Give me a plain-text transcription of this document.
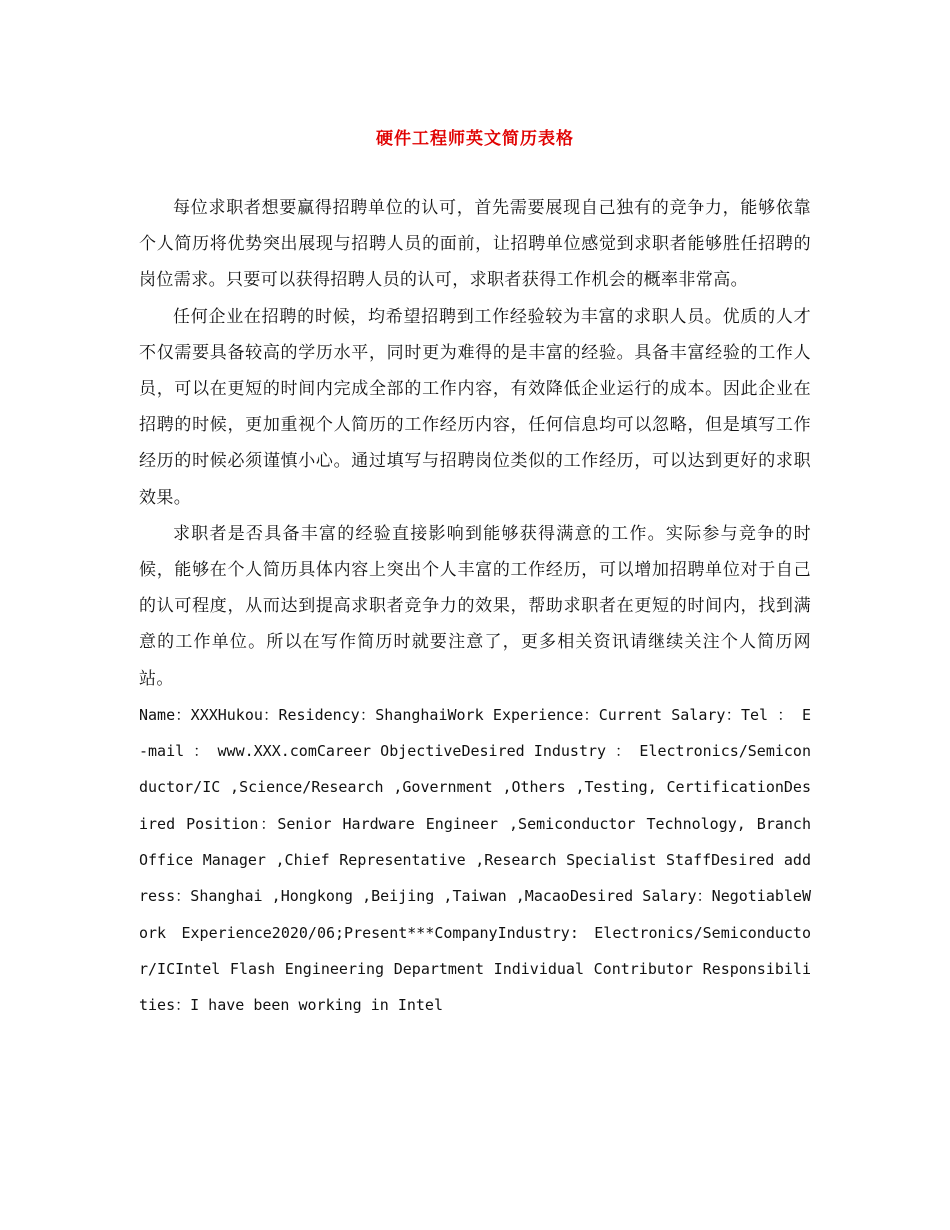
硬件工程师英文简历表格

每位求职者想要赢得招聘单位的认可，首先需要展现自己独有的竞争力，能够依靠个人简历将优势突出展现与招聘人员的面前，让招聘单位感觉到求职者能够胜任招聘的岗位需求。只要可以获得招聘人员的认可，求职者获得工作机会的概率非常高。

任何企业在招聘的时候，均希望招聘到工作经验较为丰富的求职人员。优质的人才不仅需要具备较高的学历水平，同时更为难得的是丰富的经验。具备丰富经验的工作人员，可以在更短的时间内完成全部的工作内容，有效降低企业运行的成本。因此企业在招聘的时候，更加重视个人简历的工作经历内容，任何信息均可以忽略，但是填写工作经历的时候必须谨慎小心。通过填写与招聘岗位类似的工作经历，可以达到更好的求职效果。

求职者是否具备丰富的经验直接影响到能够获得满意的工作。实际参与竞争的时候，能够在个人简历具体内容上突出个人丰富的工作经历，可以增加招聘单位对于自己的认可程度，从而达到提高求职者竞争力的效果，帮助求职者在更短的时间内，找到满意的工作单位。所以在写作简历时就要注意了，更多相关资讯请继续关注个人简历网站。

Name：XXXHukou：Residency：ShanghaiWork Experience：Current Salary：Tel ： E-mail ： www.XXX.comCareer ObjectiveDesired Industry ： Electronics/Semiconductor/IC ,Science/Research ,Government ,Others ,Testing, CertificationDesired Position：Senior Hardware Engineer ,Semiconductor Technology, Branch Office Manager ,Chief Representative ,Research Specialist StaffDesired address：Shanghai ,Hongkong ,Beijing ,Taiwan ,MacaoDesired Salary：NegotiableWork Experience2020/06;Present***CompanyIndustry: Electronics/Semiconductor/ICIntel Flash Engineering Department Individual Contributor Responsibilities：I have been working in Intel
